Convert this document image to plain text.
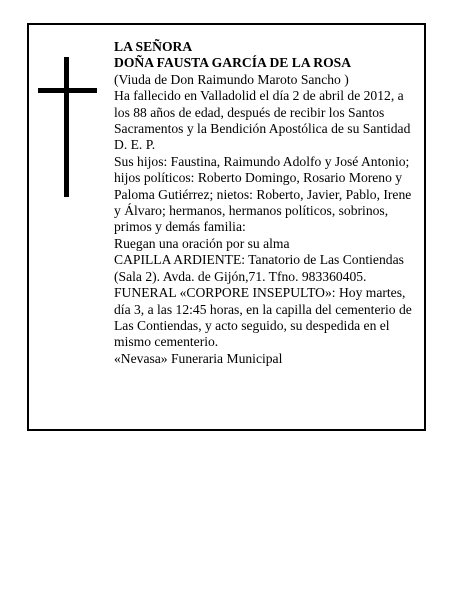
LA SEÑORA

DOÑA FAUSTA GARCÍA DE LA ROSA

(Viuda de Don Raimundo Maroto Sancho )

Ha fallecido en Valladolid el día 2 de abril de 2012, a los 88 años de edad, después de recibir los Santos Sacramentos y la Bendición Apostólica de su Santidad D. E. P.

Sus hijos: Faustina, Raimundo Adolfo y José Antonio; hijos políticos: Roberto Domingo, Rosario Moreno y Paloma Gutiérrez; nietos: Roberto, Javier, Pablo, Irene y Álvaro; hermanos, hermanos políticos, sobrinos, primos y demás familia:

Ruegan una oración por su alma

CAPILLA ARDIENTE: Tanatorio de Las Contiendas (Sala 2). Avda. de Gijón,71. Tfno. 983360405.

FUNERAL «CORPORE INSEPULTO»: Hoy martes, día 3, a las 12:45 horas, en la capilla del cementerio de Las Contiendas, y acto seguido, su despedida en el mismo cementerio.

«Nevasa» Funeraria Municipal
